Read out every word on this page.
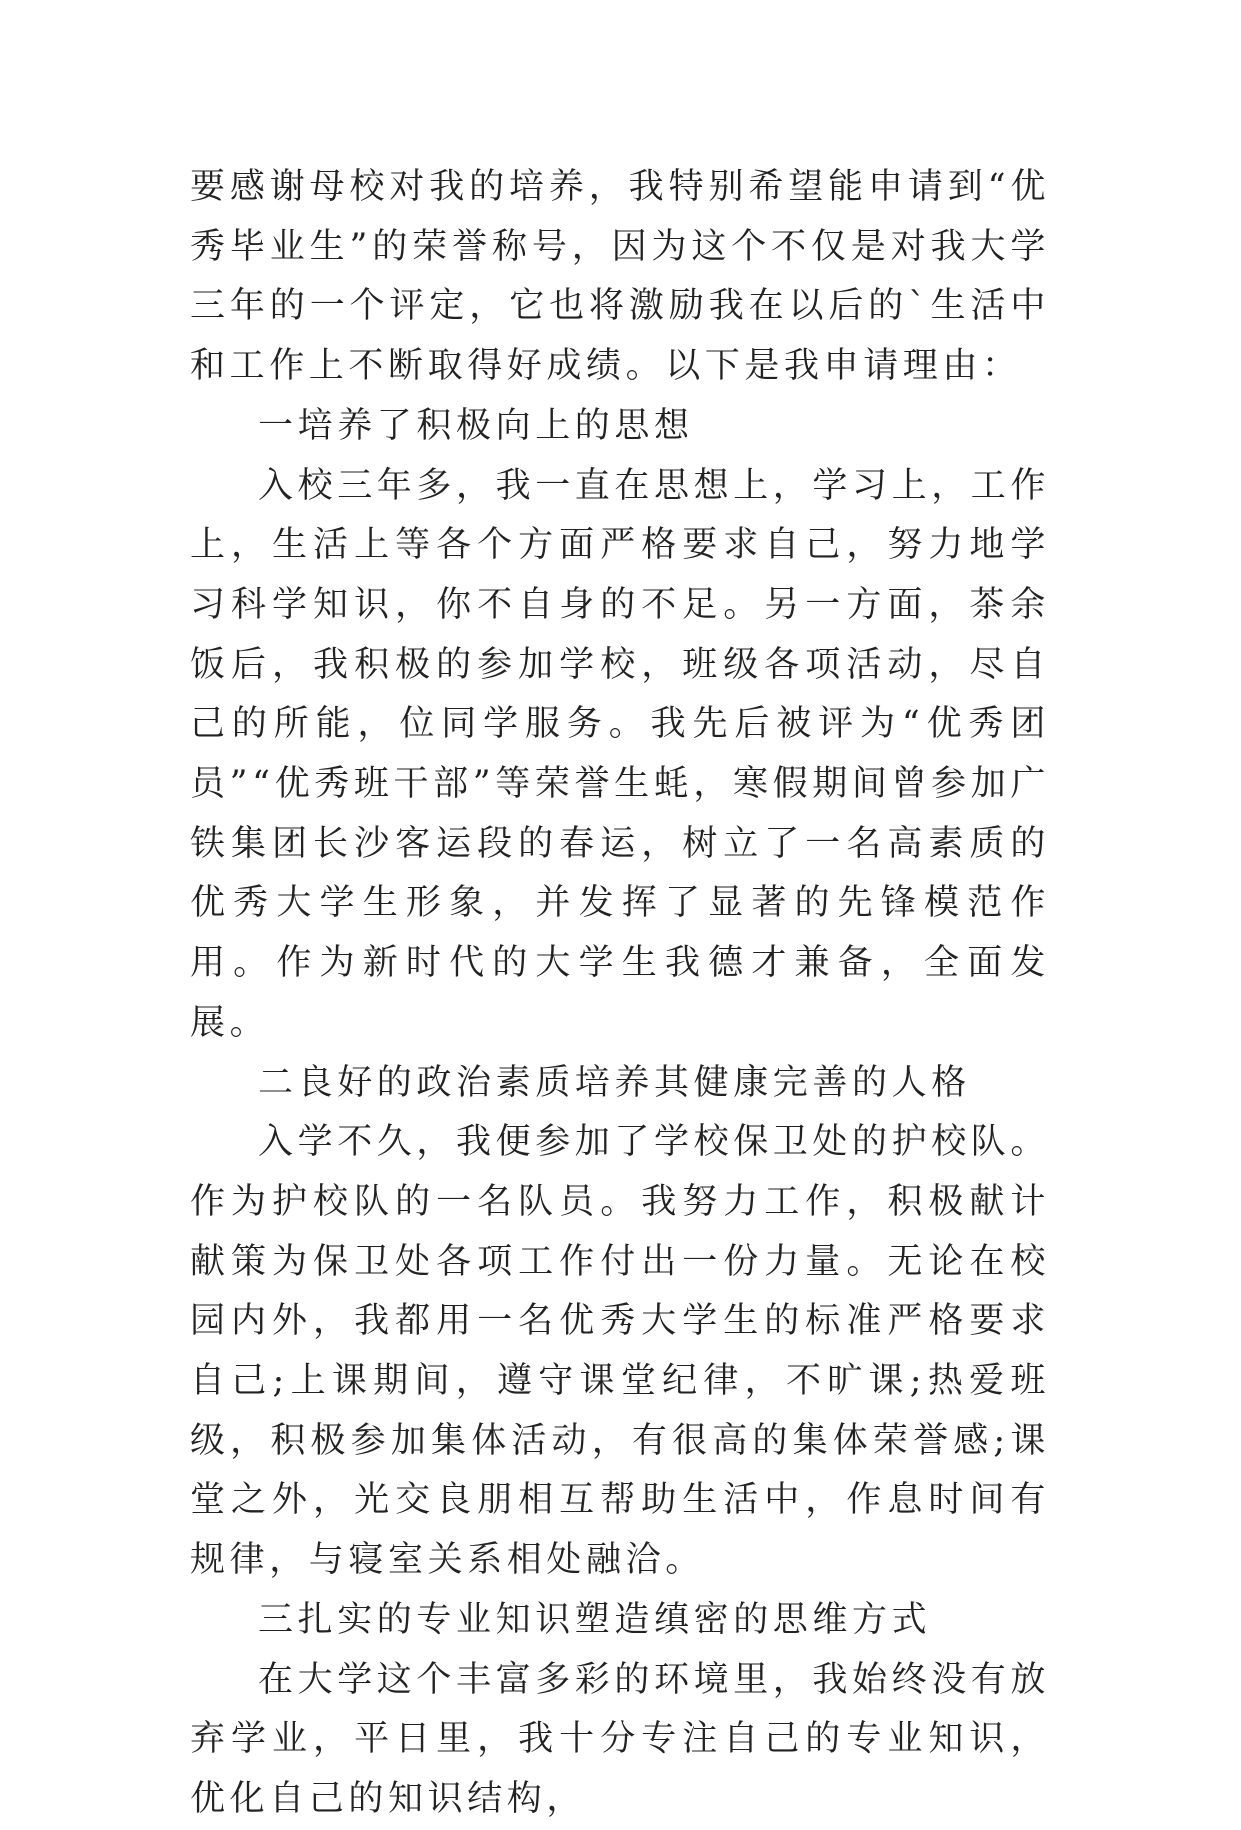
要感谢母校对我的培养，我特别希望能申请到“优秀毕业生”的荣誉称号，因为这个不仅是对我大学三年的一个评定，它也将激励我在以后的`生活中和工作上不断取得好成绩。以下是我申请理由：

一培养了积极向上的思想

入校三年多，我一直在思想上，学习上，工作上，生活上等各个方面严格要求自己，努力地学习科学知识，你不自身的不足。另一方面，茶余饭后，我积极的参加学校，班级各项活动，尽自己的所能，位同学服务。我先后被评为“优秀团员”“优秀班干部”等荣誉生蚝，寒假期间曾参加广铁集团长沙客运段的春运，树立了一名高素质的优秀大学生形象，并发挥了显著的先锋模范作用。作为新时代的大学生我德才兼备，全面发展。

二良好的政治素质培养其健康完善的人格

入学不久，我便参加了学校保卫处的护校队。作为护校队的一名队员。我努力工作，积极献计献策为保卫处各项工作付出一份力量。无论在校园内外，我都用一名优秀大学生的标准严格要求自己;上课期间，遵守课堂纪律，不旷课;热爱班级，积极参加集体活动，有很高的集体荣誉感;课堂之外，光交良朋相互帮助生活中，作息时间有规律，与寝室关系相处融洽。

三扎实的专业知识塑造缜密的思维方式

在大学这个丰富多彩的环境里，我始终没有放弃学业，平日里，我十分专注自己的专业知识，优化自己的知识结构，
